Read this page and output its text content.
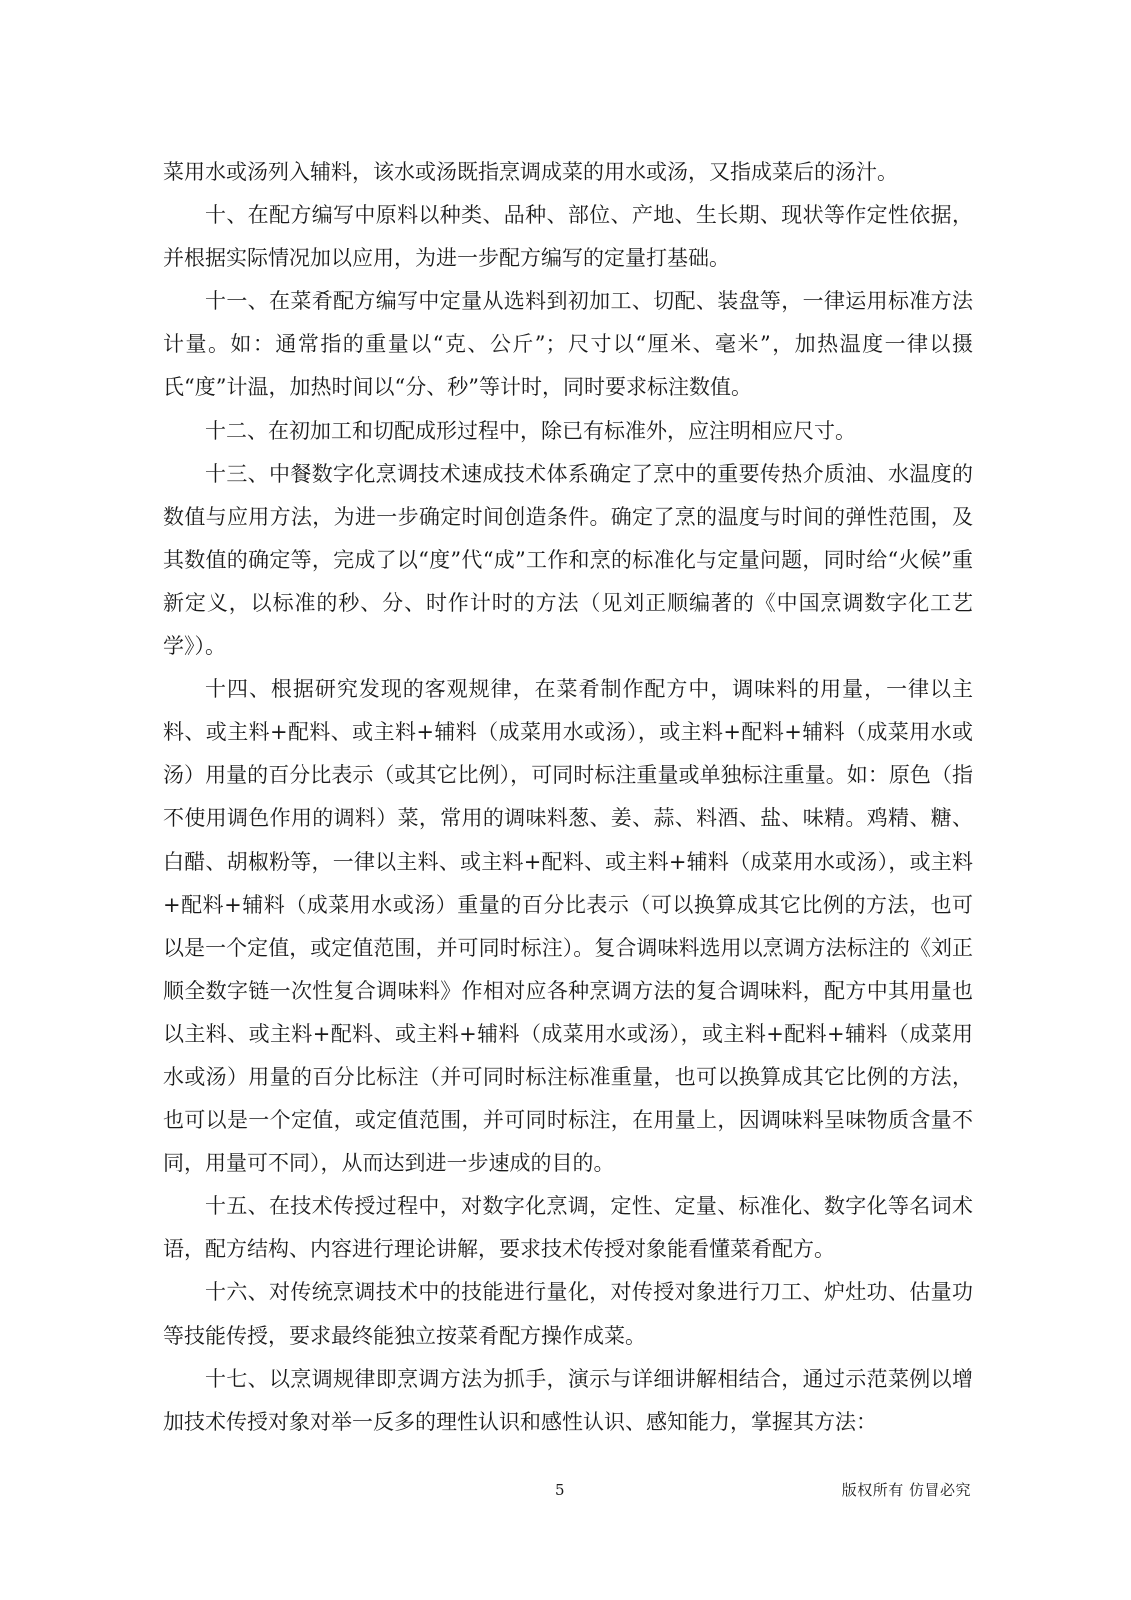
菜用水或汤列入辅料，该水或汤既指烹调成菜的用水或汤，又指成菜后的汤汁。

十、在配方编写中原料以种类、品种、部位、产地、生长期、现状等作定性依据，并根据实际情况加以应用，为进一步配方编写的定量打基础。

十一、在菜肴配方编写中定量从选料到初加工、切配、装盘等，一律运用标准方法计量。如：通常指的重量以“克、公斤”；尺寸以“厘米、毫米”，加热温度一律以摄氏“度”计温，加热时间以“分、秒”等计时，同时要求标注数值。

十二、在初加工和切配成形过程中，除已有标准外，应注明相应尺寸。

十三、中餐数字化烹调技术速成技术体系确定了烹中的重要传热介质油、水温度的数值与应用方法，为进一步确定时间创造条件。确定了烹的温度与时间的弹性范围，及其数值的确定等，完成了以“度”代“成”工作和烹的标准化与定量问题，同时给“火候”重新定义，以标准的秒、分、时作计时的方法（见刘正顺编著的《中国烹调数字化工艺学》）。

十四、根据研究发现的客观规律，在菜肴制作配方中，调味料的用量，一律以主料、或主料+配料、或主料+辅料（成菜用水或汤），或主料+配料+辅料（成菜用水或汤）用量的百分比表示（或其它比例），可同时标注重量或单独标注重量。如：原色（指不使用调色作用的调料）菜，常用的调味料葱、姜、蒜、料酒、盐、味精。鸡精、糖、白醋、胡椒粉等，一律以主料、或主料+配料、或主料+辅料（成菜用水或汤），或主料+配料+辅料（成菜用水或汤）重量的百分比表示（可以换算成其它比例的方法，也可以是一个定值，或定值范围，并可同时标注）。复合调味料选用以烹调方法标注的《刘正顺全数字链一次性复合调味料》作相对应各种烹调方法的复合调味料，配方中其用量也以主料、或主料+配料、或主料+辅料（成菜用水或汤），或主料+配料+辅料（成菜用水或汤）用量的百分比标注（并可同时标注标准重量，也可以换算成其它比例的方法，也可以是一个定值，或定值范围，并可同时标注，在用量上，因调味料呈味物质含量不同，用量可不同），从而达到进一步速成的目的。

十五、在技术传授过程中，对数字化烹调，定性、定量、标准化、数字化等名词术语，配方结构、内容进行理论讲解，要求技术传授对象能看懂菜肴配方。

十六、对传统烹调技术中的技能进行量化，对传授对象进行刀工、炉灶功、估量功等技能传授，要求最终能独立按菜肴配方操作成菜。

十七、以烹调规律即烹调方法为抓手，演示与详细讲解相结合，通过示范菜例以增加技术传授对象对举一反多的理性认识和感性认识、感知能力，掌握其方法：

5	版权所有 仿冒必究
